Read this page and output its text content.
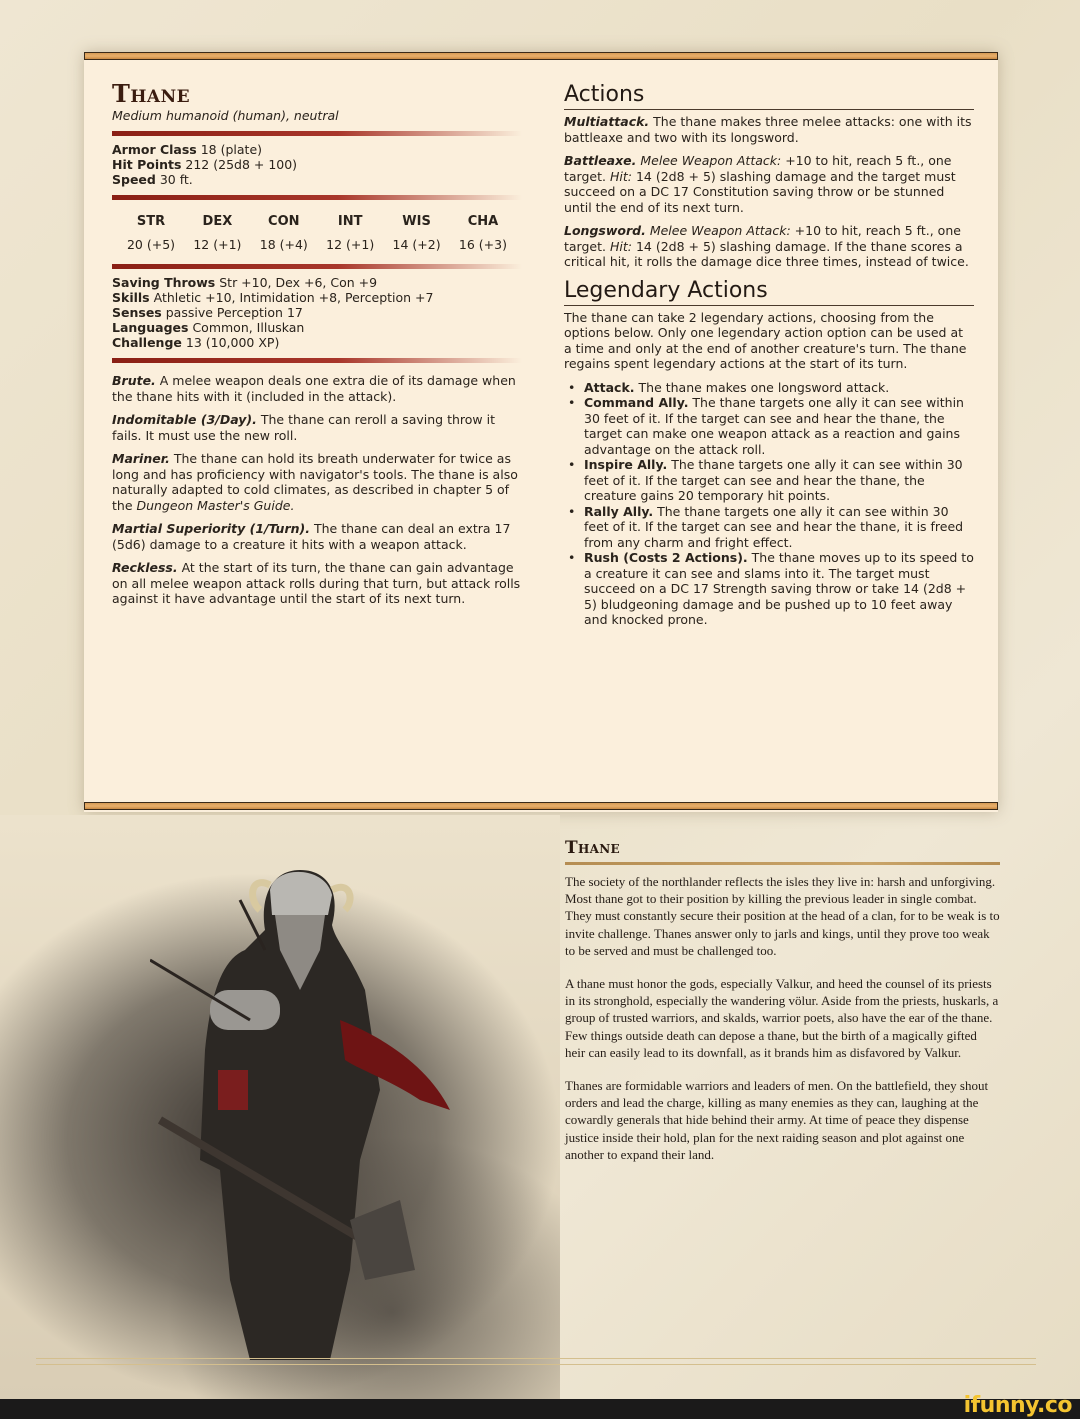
Thane
Medium humanoid (human), neutral
Armor Class 18 (plate)
Hit Points 212 (25d8 + 100)
Speed 30 ft.
STR
20 (+5)
DEX
12 (+1)
CON
18 (+4)
INT
12 (+1)
WIS
14 (+2)
CHA
16 (+3)
Saving Throws Str +10, Dex +6, Con +9
Skills Athletic +10, Intimidation +8, Perception +7
Senses passive Perception 17
Languages Common, Illuskan
Challenge 13 (10,000 XP)
Brute. A melee weapon deals one extra die of its damage when the thane hits with it (included in the attack).
Indomitable (3/Day). The thane can reroll a saving throw it fails. It must use the new roll.
Mariner. The thane can hold its breath underwater for twice as long and has proficiency with navigator's tools. The thane is also naturally adapted to cold climates, as described in chapter 5 of the Dungeon Master's Guide.
Martial Superiority (1/Turn). The thane can deal an extra 17 (5d6) damage to a creature it hits with a weapon attack.
Reckless. At the start of its turn, the thane can gain advantage on all melee weapon attack rolls during that turn, but attack rolls against it have advantage until the start of its next turn.
Actions
Multiattack. The thane makes three melee attacks: one with its battleaxe and two with its longsword.
Battleaxe. Melee Weapon Attack: +10 to hit, reach 5 ft., one target. Hit: 14 (2d8 + 5) slashing damage and the target must succeed on a DC 17 Constitution saving throw or be stunned until the end of its next turn.
Longsword. Melee Weapon Attack: +10 to hit, reach 5 ft., one target. Hit: 14 (2d8 + 5) slashing damage. If the thane scores a critical hit, it rolls the damage dice three times, instead of twice.
Legendary Actions
The thane can take 2 legendary actions, choosing from the options below. Only one legendary action option can be used at a time and only at the end of another creature's turn. The thane regains spent legendary actions at the start of its turn.
• Attack. The thane makes one longsword attack.
• Command Ally. The thane targets one ally it can see within 30 feet of it. If the target can see and hear the thane, the target can make one weapon attack as a reaction and gains advantage on the attack roll.
• Inspire Ally. The thane targets one ally it can see within 30 feet of it. If the target can see and hear the thane, the creature gains 20 temporary hit points.
• Rally Ally. The thane targets one ally it can see within 30 feet of it. If the target can see and hear the thane, it is freed from any charm and fright effect.
• Rush (Costs 2 Actions). The thane moves up to its speed to a creature it can see and slams into it. The target must succeed on a DC 17 Strength saving throw or take 14 (2d8 + 5) bludgeoning damage and be pushed up to 10 feet away and knocked prone.
Thane

The society of the northlander reflects the isles they live in: harsh and unforgiving. Most thane got to their position by killing the previous leader in single combat. They must constantly secure their position at the head of a clan, for to be weak is to invite challenge. Thanes answer only to jarls and kings, until they prove too weak to be served and must be challenged too.

A thane must honor the gods, especially Valkur, and heed the counsel of its priests in its stronghold, especially the wandering völur. Aside from the priests, huskarls, a group of trusted warriors, and skalds, warrior poets, also have the ear of the thane. Few things outside death can depose a thane, but the birth of a magically gifted heir can easily lead to its downfall, as it brands him as disfavored by Valkur.

Thanes are formidable warriors and leaders of men. On the battlefield, they shout orders and lead the charge, killing as many enemies as they can, laughing at the cowardly generals that hide behind their army. At time of peace they dispense justice inside their hold, plan for the next raiding season and plot against one another to expand their land.

ifunny.co
